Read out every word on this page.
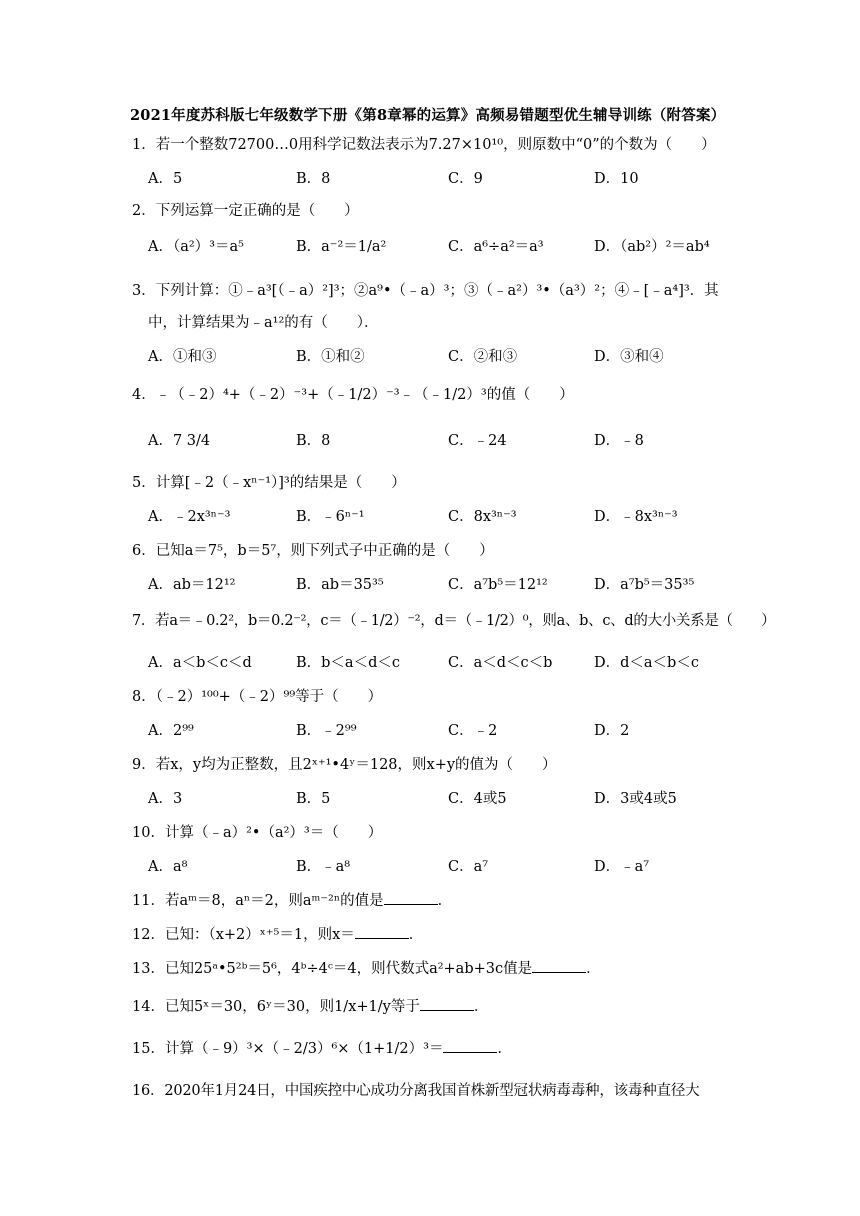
2021年度苏科版七年级数学下册《第8章幂的运算》高频易错题型优生辅导训练（附答案）
1．若一个整数72700…0用科学记数法表示为7.27×10¹⁰，则原数中“0”的个数为（　　）
A．5	B．8	C．9	D．10
2．下列运算一定正确的是（　　）
A．（a²）³＝a⁵	B．a⁻²＝1/a²	C．a⁶÷a²＝a³	D．（ab²）²＝ab⁴
3．下列计算：①﹣a³[（﹣a）²]³；②a⁹•（﹣a）³；③（﹣a²）³•（a³）²；④﹣[﹣a⁴]³．其
中，计算结果为﹣a¹²的有（　　）．
A．①和③	B．①和②	C．②和③	D．③和④
4．﹣（﹣2）⁴+（﹣2）⁻³+（﹣1/2）⁻³﹣（﹣1/2）³的值（　　）
A．7 3/4	B．8	C．﹣24	D．﹣8
5．计算[﹣2（﹣xⁿ⁻¹）]³的结果是（　　）
A．﹣2x³ⁿ⁻³	B．﹣6ⁿ⁻¹	C．8x³ⁿ⁻³	D．﹣8x³ⁿ⁻³
6．已知a＝7⁵，b＝5⁷，则下列式子中正确的是（　　）
A．ab＝12¹²	B．ab＝35³⁵	C．a⁷b⁵＝12¹²	D．a⁷b⁵＝35³⁵
7．若a＝﹣0.2²，b＝0.2⁻²，c＝（﹣1/2）⁻²，d＝（﹣1/2）⁰，则a、b、c、d的大小关系是（　　）
A．a＜b＜c＜d	B．b＜a＜d＜c	C．a＜d＜c＜b	D．d＜a＜b＜c
8．（﹣2）¹⁰⁰+（﹣2）⁹⁹等于（　　）
A．2⁹⁹	B．﹣2⁹⁹	C．﹣2	D．2
9．若x，y均为正整数，且2ˣ⁺¹•4ʸ＝128，则x+y的值为（　　）
A．3	B．5	C．4或5	D．3或4或5
10．计算（﹣a）²•（a²）³＝（　　）
A．a⁸	B．﹣a⁸	C．a⁷	D．﹣a⁷
11．若aᵐ＝8，aⁿ＝2，则aᵐ⁻²ⁿ的值是	．
12．已知：（x+2）ˣ⁺⁵＝1，则x＝	．
13．已知25ᵃ•5²ᵇ＝5⁶，4ᵇ÷4ᶜ＝4，则代数式a²+ab+3c值是	．
14．已知5ˣ＝30，6ʸ＝30，则1/x+1/y等于	．
15．计算（﹣9）³×（﹣2/3）⁶×（1+1/2）³＝	．
16．2020年1月24日，中国疾控中心成功分离我国首株新型冠状病毒毒种，该毒种直径大
